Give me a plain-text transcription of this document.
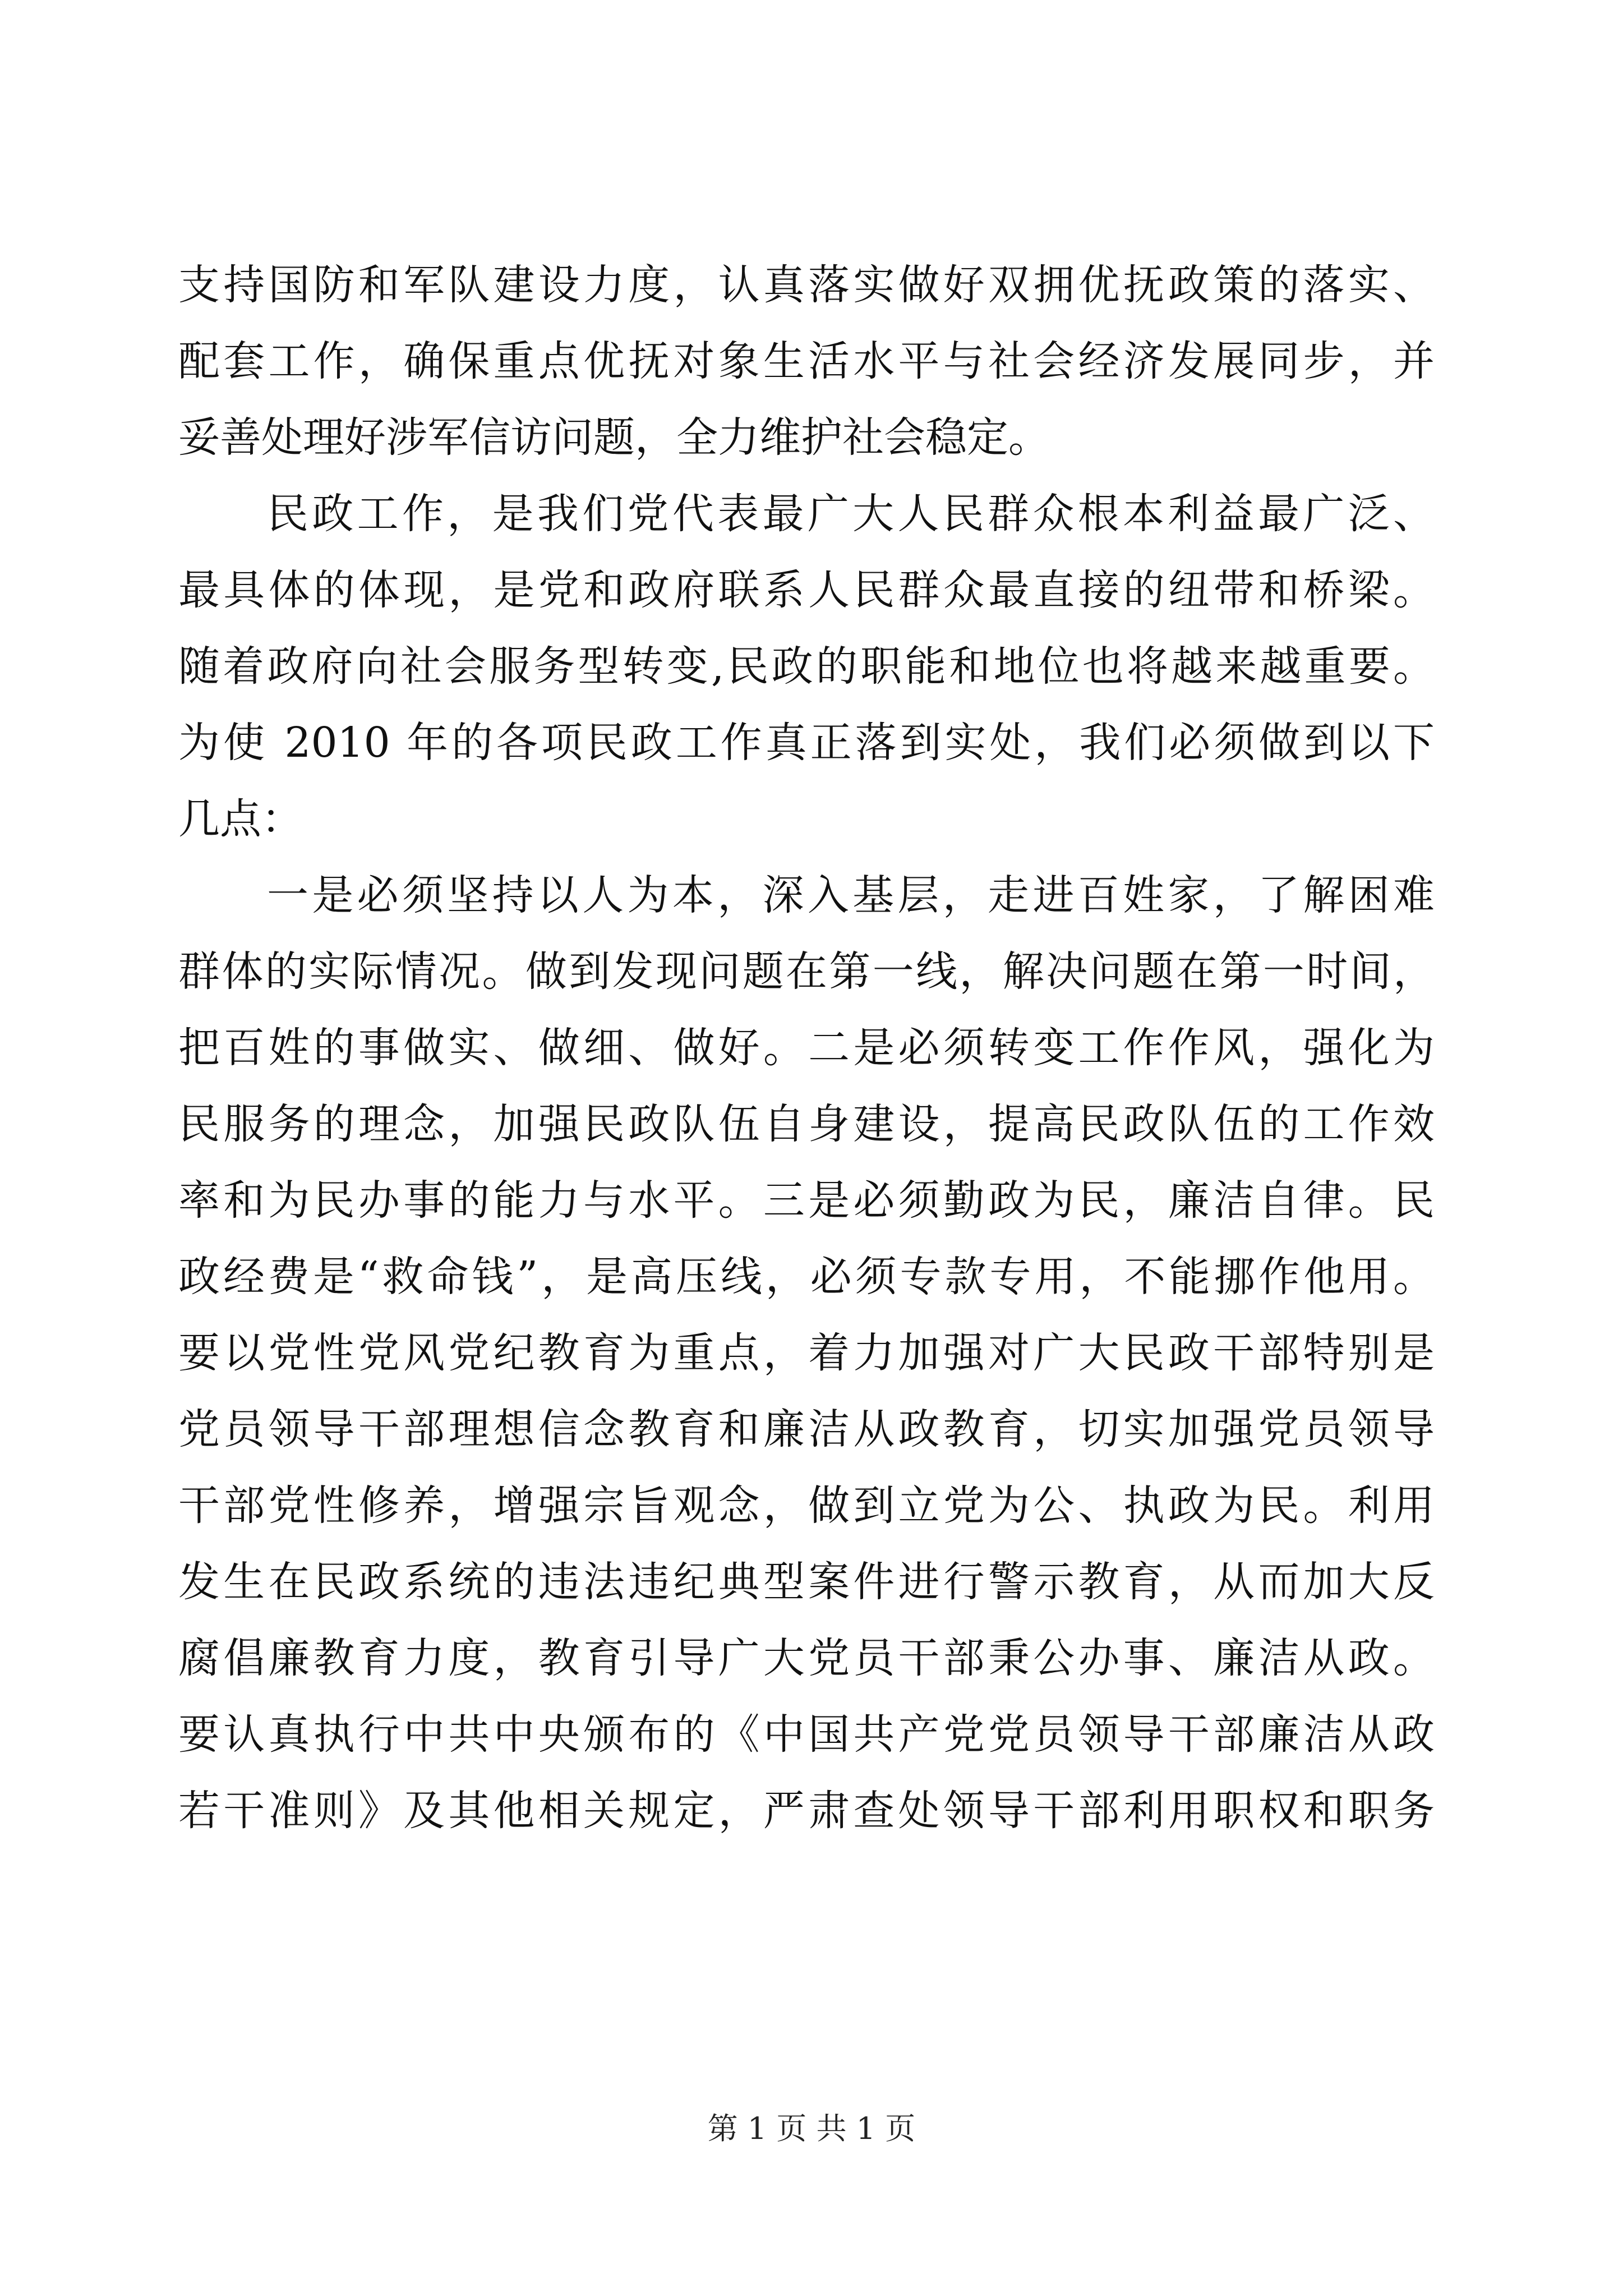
支持国防和军队建设力度，认真落实做好双拥优抚政策的落实、
配套工作，确保重点优抚对象生活水平与社会经济发展同步，并
妥善处理好涉军信访问题，全力维护社会稳定。
民政工作，是我们党代表最广大人民群众根本利益最广泛、
最具体的体现，是党和政府联系人民群众最直接的纽带和桥梁。
随着政府向社会服务型转变,民政的职能和地位也将越来越重要。
为使 2010 年的各项民政工作真正落到实处，我们必须做到以下
几点：
一是必须坚持以人为本，深入基层，走进百姓家，了解困难
群体的实际情况。做到发现问题在第一线，解决问题在第一时间，
把百姓的事做实、做细、做好。二是必须转变工作作风，强化为
民服务的理念，加强民政队伍自身建设，提高民政队伍的工作效
率和为民办事的能力与水平。三是必须勤政为民，廉洁自律。民
政经费是“救命钱”，是高压线，必须专款专用，不能挪作他用。
要以党性党风党纪教育为重点，着力加强对广大民政干部特别是
党员领导干部理想信念教育和廉洁从政教育，切实加强党员领导
干部党性修养，增强宗旨观念，做到立党为公、执政为民。利用
发生在民政系统的违法违纪典型案件进行警示教育，从而加大反
腐倡廉教育力度，教育引导广大党员干部秉公办事、廉洁从政。
要认真执行中共中央颁布的《中国共产党党员领导干部廉洁从政
若干准则》及其他相关规定，严肃查处领导干部利用职权和职务
第 1 页 共 1 页
